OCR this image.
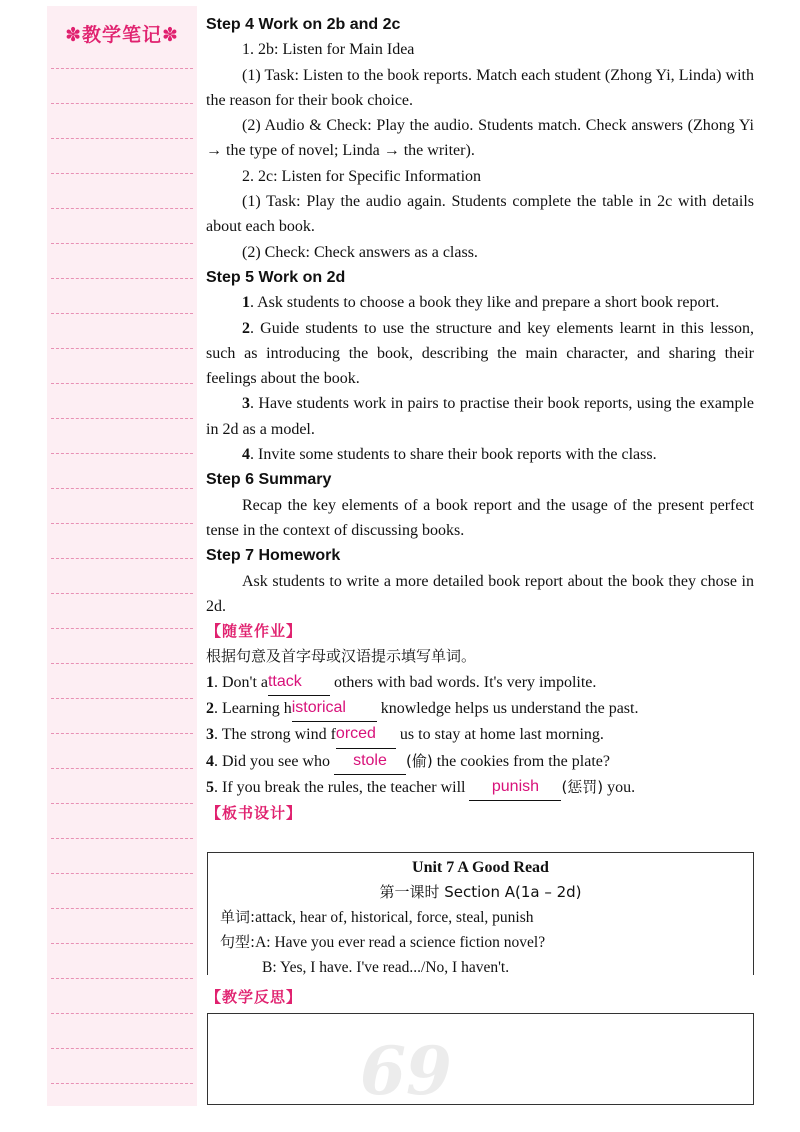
✽教学笔记✽	Step 4 Work on 2b and 2c

1. 2b: Listen for Main Idea

(1) Task: Listen to the book reports. Match each student (Zhong Yi, Linda) with the reason for their book choice.

(2) Audio & Check: Play the audio. Students match. Check answers (Zhong Yi → the type of novel; Linda → the writer).

2. 2c: Listen for Specific Information

(1) Task: Play the audio again. Students complete the table in 2c with details about each book.

(2) Check: Check answers as a class.

Step 5 Work on 2d

1. Ask students to choose a book they like and prepare a short book report.

2. Guide students to use the structure and key elements learnt in this lesson, such as introducing the book, describing the main character, and sharing their feelings about the book.

3. Have students work in pairs to practise their book reports, using the example in 2d as a model.

4. Invite some students to share their book reports with the class.

Step 6 Summary

Recap the key elements of a book report and the usage of the present perfect tense in the context of discussing books.

Step 7 Homework

Ask students to write a more detailed book report about the book they chose in 2d.

【随堂作业】

根据句意及首字母或汉语提示填写单词。

1. Don't a ttack	others with bad words. It's very impolite.

2. Learning h istorical	knowledge helps us understand the past.

3. The strong wind f orced	us to stay at home last morning.

4. Did you see who	stole	(偷) the cookies from the plate?

5. If you break the rules, the teacher will	punish	(惩罚) you.

【板书设计】

Unit 7 A Good Read
第一课时 Section A(1a – 2d)
单词:attack, hear of, historical, force, steal, punish
句型:A: Have you ever read a science fiction novel?
B: Yes, I have. I've read.../No, I haven't.
【教学反思】
69
